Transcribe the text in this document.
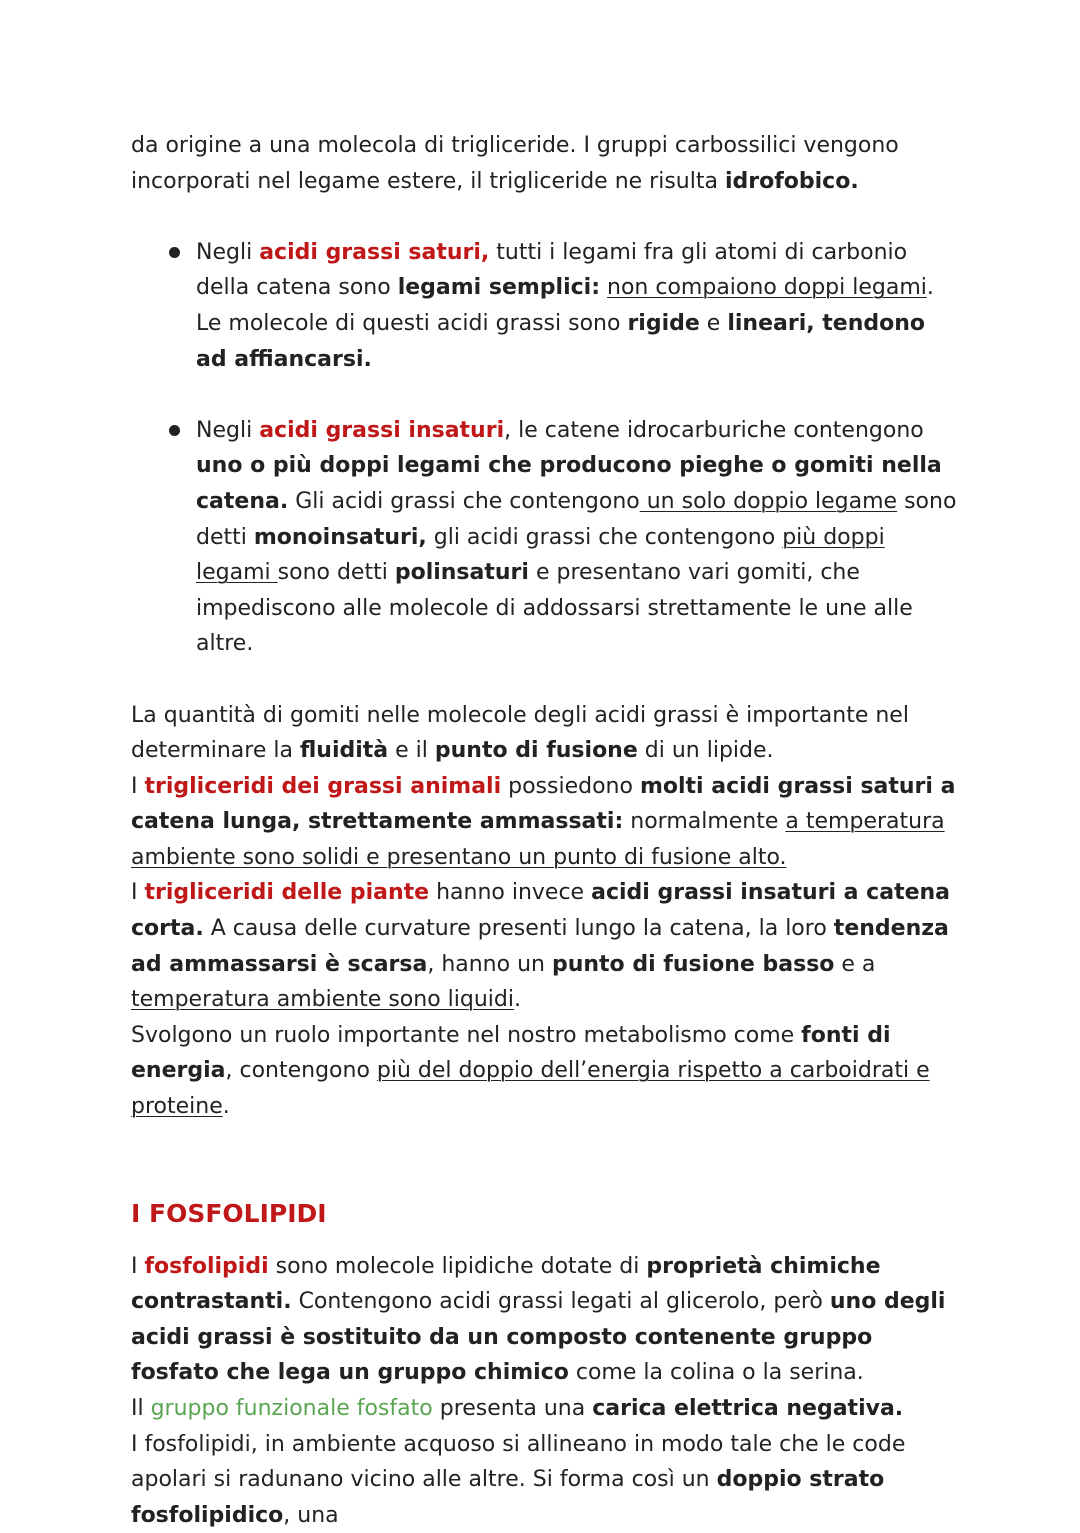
da origine a una molecola di trigliceride. I gruppi carbossilici vengono incorporati nel legame estere, il trigliceride ne risulta idrofobico.

Negli acidi grassi saturi, tutti i legami fra gli atomi di carbonio della catena sono legami semplici: non compaiono doppi legami. Le molecole di questi acidi grassi sono rigide e lineari, tendono ad affiancarsi.
Negli acidi grassi insaturi, le catene idrocarburiche contengono uno o più doppi legami che producono pieghe o gomiti nella catena. Gli acidi grassi che contengono un solo doppio legame sono detti monoinsaturi, gli acidi grassi che contengono più doppi legami sono detti polinsaturi e presentano vari gomiti, che impediscono alle molecole di addossarsi strettamente le une alle altre.

La quantità di gomiti nelle molecole degli acidi grassi è importante nel determinare la fluidità e il punto di fusione di un lipide.

I trigliceridi dei grassi animali possiedono molti acidi grassi saturi a catena lunga, strettamente ammassati: normalmente a temperatura ambiente sono solidi e presentano un punto di fusione alto.

I trigliceridi delle piante hanno invece acidi grassi insaturi a catena corta. A causa delle curvature presenti lungo la catena, la loro tendenza ad ammassarsi è scarsa, hanno un punto di fusione basso e a temperatura ambiente sono liquidi.

Svolgono un ruolo importante nel nostro metabolismo come fonti di energia, contengono più del doppio dell’energia rispetto a carboidrati e proteine.

I FOSFOLIPIDI

I fosfolipidi sono molecole lipidiche dotate di proprietà chimiche contrastanti. Contengono acidi grassi legati al glicerolo, però uno degli acidi grassi è sostituito da un composto contenente gruppo fosfato che lega un gruppo chimico come la colina o la serina.

Il gruppo funzionale fosfato presenta una carica elettrica negativa.

I fosfolipidi, in ambiente acquoso si allineano in modo tale che le code apolari si radunano vicino alle altre. Si forma così un doppio strato fosfolipidico, una
